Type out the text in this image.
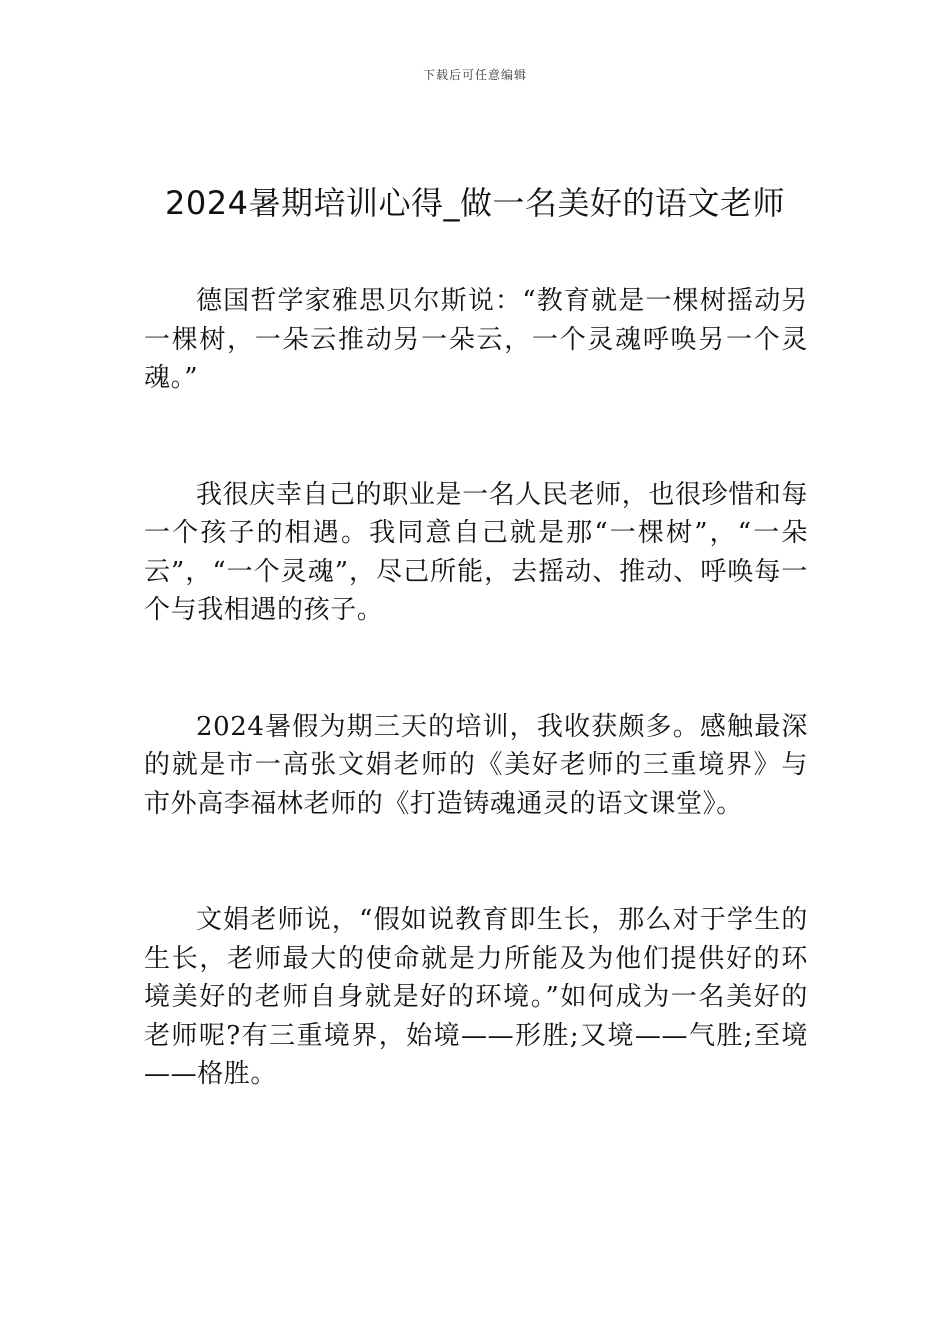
下载后可任意编辑
2024暑期培训心得_做一名美好的语文老师

德国哲学家雅思贝尔斯说：“教育就是一棵树摇动另一棵树，一朵云推动另一朵云，一个灵魂呼唤另一个灵魂。”

我很庆幸自己的职业是一名人民老师，也很珍惜和每一个孩子的相遇。我同意自己就是那“一棵树”，“一朵云”，“一个灵魂”，尽己所能，去摇动、推动、呼唤每一个与我相遇的孩子。

2024暑假为期三天的培训，我收获颇多。感触最深的就是市一高张文娟老师的《美好老师的三重境界》与市外高李福林老师的《打造铸魂通灵的语文课堂》。

文娟老师说，“假如说教育即生长，那么对于学生的生长，老师最大的使命就是力所能及为他们提供好的环境美好的老师自身就是好的环境。”如何成为一名美好的老师呢?有三重境界，始境——形胜;又境——气胜;至境——格胜。
